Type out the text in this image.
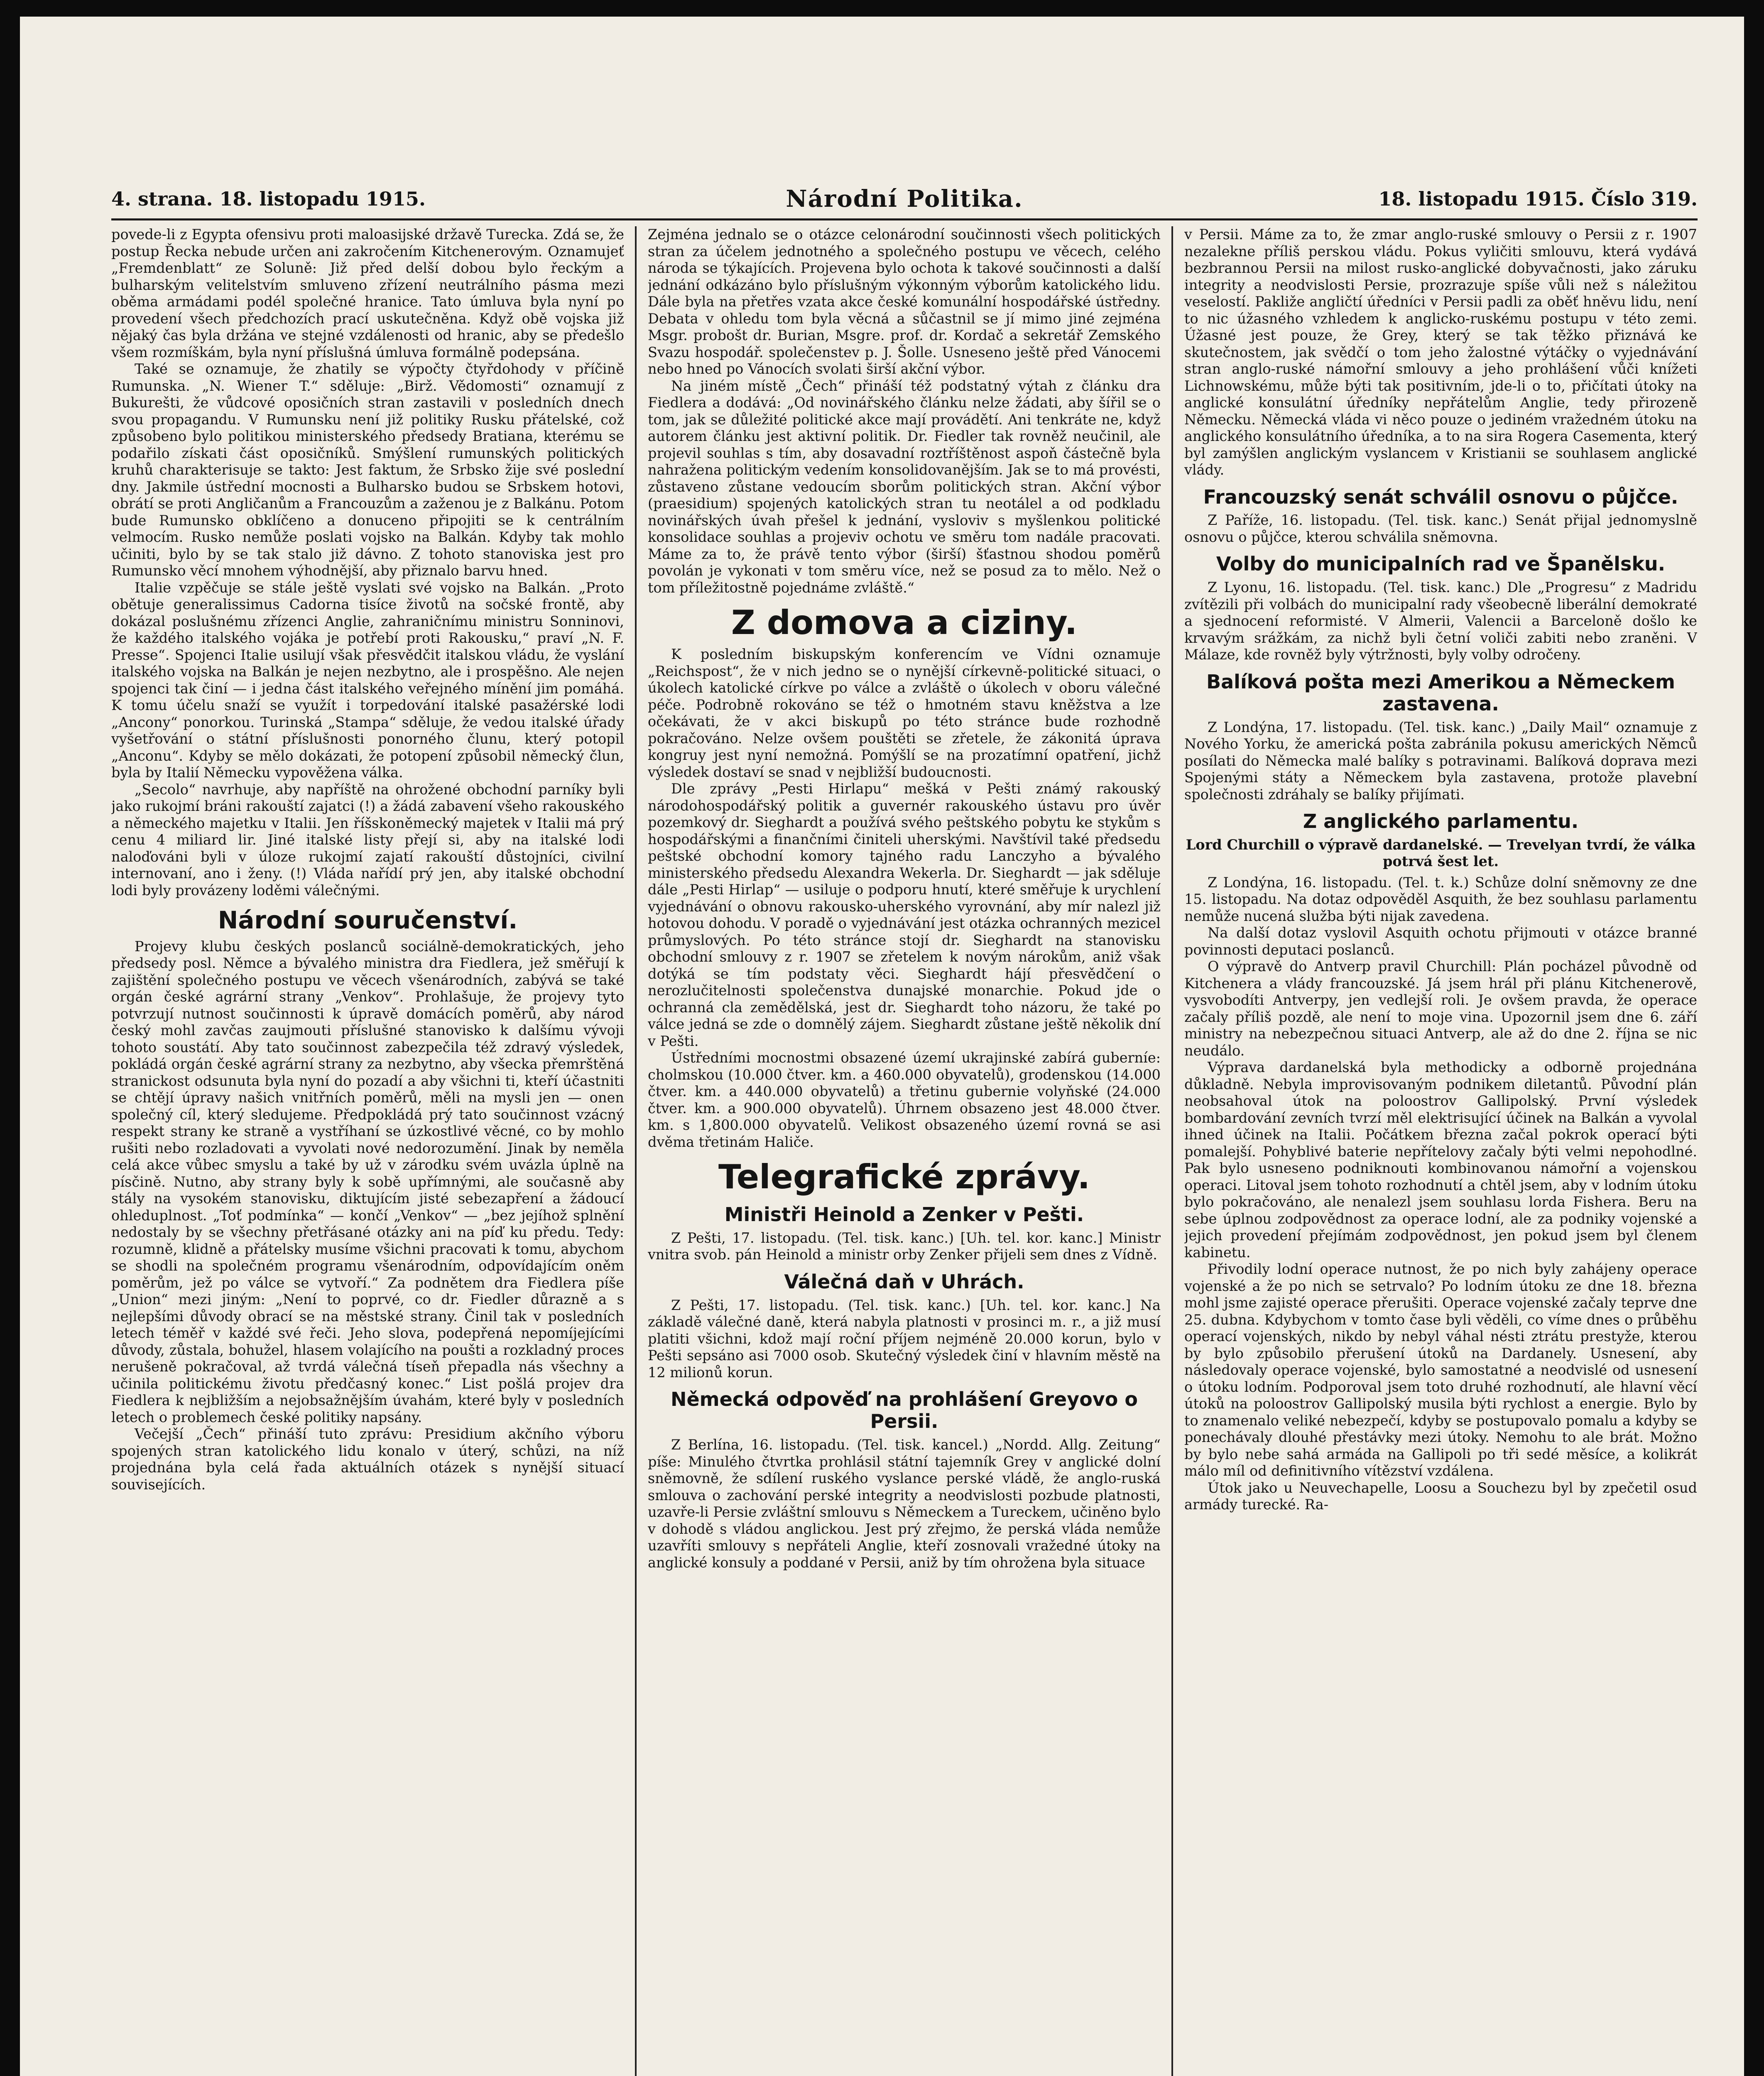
4. strana. 18. listopadu 1915.	Národní Politika.	18. listopadu 1915. Číslo 319.

povede-li z Egypta ofensivu proti maloasijské državě Turecka. Zdá se, že postup Řecka nebude určen ani zakročením Kitchenerovým. Oznamujeť „Fremdenblatt“ ze Soluně: Již před delší dobou bylo řeckým a bulharským velitelstvím smluveno zřízení neutrálního pásma mezi oběma armádami podél společné hranice. Tato úmluva byla nyní po provedení všech předchozích prací uskutečněna. Když obě vojska již nějaký čas byla držána ve stejné vzdálenosti od hranic, aby se předešlo všem rozmíškám, byla nyní příslušná úmluva formálně podepsána.

Také se oznamuje, že zhatily se výpočty čtyřdohody v příčině Rumunska. „N. Wiener T.“ sděluje: „Birž. Vědomosti“ oznamují z Bukurešti, že vůdcové oposičních stran zastavili v posledních dnech svou propagandu. V Rumunsku není již politiky Rusku přátelské, což způsobeno bylo politikou ministerského předsedy Bratiana, kterému se podařilo získati část oposičníků. Smýšlení rumunských politických kruhů charakterisuje se takto: Jest faktum, že Srbsko žije své poslední dny. Jakmile ústřední mocnosti a Bulharsko budou se Srbskem hotovi, obrátí se proti Angličanům a Francouzům a zaženou je z Balkánu. Potom bude Rumunsko obklíčeno a donuceno připojiti se k centrálním velmocím. Rusko nemůže poslati vojsko na Balkán. Kdyby tak mohlo učiniti, bylo by se tak stalo již dávno. Z tohoto stanoviska jest pro Rumunsko věcí mnohem výhodnější, aby přiznalo barvu hned.

Italie vzpěčuje se stále ještě vyslati své vojsko na Balkán. „Proto obětuje generalissimus Cadorna tisíce životů na sočské frontě, aby dokázal poslušnému zřízenci Anglie, zahraničnímu ministru Sonninovi, že každého italského vojáka je potřebí proti Rakousku,“ praví „N. F. Presse“. Spojenci Italie usilují však přesvědčit italskou vládu, že vyslání italského vojska na Balkán je nejen nezbytno, ale i prospěšno. Ale nejen spojenci tak činí — i jedna část italského veřejného mínění jim pomáhá. K tomu účelu snaží se využít i torpedování italské pasažérské lodi „Ancony“ ponorkou. Turinská „Stampa“ sděluje, že vedou italské úřady vyšetřování o státní příslušnosti ponorného člunu, který potopil „Anconu“. Kdyby se mělo dokázati, že potopení způsobil německý člun, byla by Italií Německu vypověžena válka.

„Secolo“ navrhuje, aby napříště na ohrožené obchodní parníky byli jako rukojmí bráni rakouští zajatci (!) a žádá zabavení všeho rakouského a německého majetku v Italii. Jen říšskoněmecký majetek v Italii má prý cenu 4 miliard lir. Jiné italské listy přejí si, aby na italské lodi naloďováni byli v úloze rukojmí zajatí rakouští důstojníci, civilní internovaní, ano i ženy. (!) Vláda nařídí prý jen, aby italské obchodní lodi byly provázeny loděmi válečnými.

Národní souručenství.

Projevy klubu českých poslanců sociálně-demokratických, jeho předsedy posl. Němce a bývalého ministra dra Fiedlera, jež směřují k zajištění společného postupu ve věcech všenárodních, zabývá se také orgán české agrární strany „Venkov“. Prohlašuje, že projevy tyto potvrzují nutnost součinnosti k úpravě domácích poměrů, aby národ český mohl zavčas zaujmouti příslušné stanovisko k dalšímu vývoji tohoto soustátí. Aby tato součinnost zabezpečila též zdravý výsledek, pokládá orgán české agrární strany za nezbytno, aby všecka přemrštěná stranickost odsunuta byla nyní do pozadí a aby všichni ti, kteří účastniti se chtějí úpravy našich vnitřních poměrů, měli na mysli jen — onen společný cíl, který sledujeme. Předpokládá prý tato součinnost vzácný respekt strany ke straně a vystříhaní se úzkostlivé věcné, co by mohlo rušiti nebo rozladovati a vyvolati nové nedorozumění. Jinak by neměla celá akce vůbec smyslu a také by už v zárodku svém uvázla úplně na písčině. Nutno, aby strany byly k sobě upřímnými, ale současně aby stály na vysokém stanovisku, diktujícím jisté sebezapření a žádoucí ohleduplnost. „Toť podmínka“ — končí „Venkov“ — „bez jejíhož splnění nedostaly by se všechny přetřásané otázky ani na píď ku předu. Tedy: rozumně, klidně a přátelsky musíme všichni pracovati k tomu, abychom se shodli na společném programu všenárodním, odpovídajícím oněm poměrům, jež po válce se vytvoří.“ Za podnětem dra Fiedlera píše „Union“ mezi jiným: „Není to poprvé, co dr. Fiedler důrazně a s nejlepšími důvody obrací se na městské strany. Činil tak v posledních letech téměř v každé své řeči. Jeho slova, podepřená nepomíjejícími důvody, zůstala, bohužel, hlasem volajícího na poušti a rozkladný proces nerušeně pokračoval, až tvrdá válečná tíseň přepadla nás všechny a učinila politickému životu předčasný konec.“ List pošlá projev dra Fiedlera k nejbližším a nejobsažnějším úvahám, které byly v posledních letech o problemech české politiky napsány.

Večejší „Čech“ přináší tuto zprávu: Presidium akčního výboru spojených stran katolického lidu konalo v úterý, schůzi, na níž projednána byla celá řada aktuálních otázek s nynější situací souvisejících.

Zejména jednalo se o otázce celonárodní součinnosti všech politických stran za účelem jednotného a společného postupu ve věcech, celého národa se týkajících. Projevena bylo ochota k takové součinnosti a další jednání odkázáno bylo příslušným výkonným výborům katolického lidu. Dále byla na přetřes vzata akce české komunální hospodářské ústředny. Debata v ohledu tom byla věcná a sůčastnil se jí mimo jiné zejména Msgr. probošt dr. Burian, Msgre. prof. dr. Kordač a sekretář Zemského Svazu hospodář. společenstev p. J. Šolle. Usneseno ještě před Vánocemi nebo hned po Vánocích svolati širší akční výbor.

Na jiném místě „Čech“ přináší též podstatný výtah z článku dra Fiedlera a dodává: „Od novinářského článku nelze žádati, aby šířil se o tom, jak se důležité politické akce mají provádětí. Ani tenkráte ne, když autorem článku jest aktivní politik. Dr. Fiedler tak rovněž neučinil, ale projevil souhlas s tím, aby dosavadní roztříštěnost aspoň částečně byla nahražena politickým vedením konsolidovanějším. Jak se to má provésti, zůstaveno zůstane vedoucím sborům politických stran. Akční výbor (praesidium) spojených katolických stran tu neotálel a od podkladu novinářských úvah přešel k jednání, vysloviv s myšlenkou politické konsolidace souhlas a projeviv ochotu ve směru tom nadále pracovati. Máme za to, že právě tento výbor (širší) šťastnou shodou poměrů povolán je vykonati v tom směru více, než se posud za to mělo. Než o tom příležitostně pojednáme zvláště.“

Z domova a ciziny.

K posledním biskupským konferencím ve Vídni oznamuje „Reichspost“, že v nich jedno se o nynější církevně-politické situaci, o úkolech katolické církve po válce a zvláště o úkolech v oboru válečné péče. Podrobně rokováno se též o hmotném stavu kněžstva a lze očekávati, že v akci biskupů po této stránce bude rozhodně pokračováno. Nelze ovšem pouštěti se zřetele, že zákonitá úprava kongruy jest nyní nemožná. Pomýšlí se na prozatímní opatření, jichž výsledek dostaví se snad v nejbližší budoucnosti.

Dle zprávy „Pesti Hirlapu“ mešká v Pešti známý rakouský národohospodářský politik a guvernér rakouského ústavu pro úvěr pozemkový dr. Sieghardt a používá svého peštského pobytu ke stykům s hospodářskými a finančními činiteli uherskými. Navštívil také předsedu peštské obchodní komory tajného radu Lanczyho a bývalého ministerského předsedu Alexandra Wekerla. Dr. Sieghardt — jak sděluje dále „Pesti Hirlap“ — usiluje o podporu hnutí, které směřuje k urychlení vyjednávání o obnovu rakousko-uherského vyrovnání, aby mír nalezl již hotovou dohodu. V poradě o vyjednávání jest otázka ochranných mezicel průmyslových. Po této stránce stojí dr. Sieghardt na stanovisku obchodní smlouvy z r. 1907 se zřetelem k novým nárokům, aniž však dotýká se tím podstaty věci. Sieghardt hájí přesvědčení o nerozlučitelnosti společenstva dunajské monarchie. Pokud jde o ochranná cla zemědělská, jest dr. Sieghardt toho názoru, že také po válce jedná se zde o domnělý zájem. Sieghardt zůstane ještě několik dní v Pešti.

Ústředními mocnostmi obsazené území ukrajinské zabírá guberníe: cholmskou (10.000 čtver. km. a 460.000 obyvatelů), grodenskou (14.000 čtver. km. a 440.000 obyvatelů) a třetinu gubernie volyňské (24.000 čtver. km. a 900.000 obyvatelů). Úhrnem obsazeno jest 48.000 čtver. km. s 1,800.000 obyvatelů. Velikost obsazeného území rovná se asi dvěma třetinám Haliče.

Telegrafické zprávy.
Ministři Heinold a Zenker v Pešti.

Z Pešti, 17. listopadu. (Tel. tisk. kanc.) [Uh. tel. kor. kanc.] Ministr vnitra svob. pán Heinold a ministr orby Zenker přijeli sem dnes z Vídně.

Válečná daň v Uhrách.

Z Pešti, 17. listopadu. (Tel. tisk. kanc.) [Uh. tel. kor. kanc.] Na základě válečné daně, která nabyla platnosti v prosinci m. r., a již musí platiti všichni, kdož mají roční příjem nejméně 20.000 korun, bylo v Pešti sepsáno asi 7000 osob. Skutečný výsledek činí v hlavním městě na 12 milionů korun.

Německá odpověď na prohlášení Greyovo o Persii.

Z Berlína, 16. listopadu. (Tel. tisk. kancel.) „Nordd. Allg. Zeitung“ píše: Minulého čtvrtka prohlásil státní tajemník Grey v anglické dolní sněmovně, že sdílení ruského vyslance perské vládě, že anglo-ruská smlouva o zachování perské integrity a neodvislosti pozbude platnosti, uzavře-li Persie zvláštní smlouvu s Německem a Tureckem, učiněno bylo v dohodě s vládou anglickou. Jest prý zřejmo, že perská vláda nemůže uzavříti smlouvy s nepřáteli Anglie, kteří zosnovali vražedné útoky na anglické konsuly a poddané v Persii, aniž by tím ohrožena byla situace

v Persii. Máme za to, že zmar anglo-ruské smlouvy o Persii z r. 1907 nezalekne příliš perskou vládu. Pokus vyličiti smlouvu, která vydává bezbrannou Persii na milost rusko-anglické dobyvačnosti, jako záruku integrity a neodvislosti Persie, prozrazuje spíše vůli než s náležitou veselostí. Pakliže angličtí úředníci v Persii padli za oběť hněvu lidu, není to nic úžasného vzhledem k anglicko-ruskému postupu v této zemi. Úžasné jest pouze, že Grey, který se tak těžko přiznává ke skutečnostem, jak svědčí o tom jeho žalostné výtáčky o vyjednávání stran anglo-ruské námořní smlouvy a jeho prohlášení vůči knížeti Lichnowskému, může býti tak positivním, jde-li o to, přičítati útoky na anglické konsulátní úředníky nepřátelům Anglie, tedy přirozeně Německu. Německá vláda vi něco pouze o jediném vražedném útoku na anglického konsulátního úředníka, a to na sira Rogera Casementa, který byl zamýšlen anglickým vyslancem v Kristianii se souhlasem anglické vlády.

Francouzský senát schválil osnovu o půjčce.

Z Paříže, 16. listopadu. (Tel. tisk. kanc.) Senát přijal jednomyslně osnovu o půjčce, kterou schválila sněmovna.

Volby do municipalních rad ve Španělsku.

Z Lyonu, 16. listopadu. (Tel. tisk. kanc.) Dle „Progresu“ z Madridu zvítězili při volbách do municipalní rady všeobecně liberální demokraté a sjednocení reformisté. V Almerii, Valencii a Barceloně došlo ke krvavým srážkám, za nichž byli četní voliči zabiti nebo zraněni. V Málaze, kde rovněž byly výtržnosti, byly volby odročeny.

Balíková pošta mezi Amerikou a Německem zastavena.

Z Londýna, 17. listopadu. (Tel. tisk. kanc.) „Daily Mail“ oznamuje z Nového Yorku, že americká pošta zabránila pokusu amerických Němců posílati do Německa malé balíky s potravinami. Balíková doprava mezi Spojenými státy a Německem byla zastavena, protože plavební společnosti zdráhaly se balíky přijímati.

Z anglického parlamentu.
Lord Churchill o výpravě dardanelské. — Trevelyan tvrdí, že válka potrvá šest let.

Z Londýna, 16. listopadu. (Tel. t. k.) Schůze dolní sněmovny ze dne 15. listopadu. Na dotaz odpověděl Asquith, že bez souhlasu parlamentu nemůže nucená služba býti nijak zavedena.

Na další dotaz vyslovil Asquith ochotu přijmouti v otázce branné povinnosti deputaci poslanců.

O výpravě do Antverp pravil Churchill: Plán pocházel původně od Kitchenera a vlády francouzské. Já jsem hrál při plánu Kitchenerově, vysvobodíti Antverpy, jen vedlejší roli. Je ovšem pravda, že operace začaly příliš pozdě, ale není to moje vina. Upozornil jsem dne 6. září ministry na nebezpečnou situaci Antverp, ale až do dne 2. října se nic neudálo.

Výprava dardanelská byla methodicky a odborně projednána důkladně. Nebyla improvisovaným podnikem diletantů. Původní plán neobsahoval útok na poloostrov Gallipolský. První výsledek bombardování zevních tvrzí měl elektrisující účinek na Balkán a vyvolal ihned účinek na Italii. Počátkem března začal pokrok operací býti pomalejší. Pohyblivé baterie nepřítelovy začaly býti velmi nepohodlné. Pak bylo usneseno podniknouti kombinovanou námořní a vojenskou operaci. Litoval jsem tohoto rozhodnutí a chtěl jsem, aby v lodním útoku bylo pokračováno, ale nenalezl jsem souhlasu lorda Fishera. Beru na sebe úplnou zodpovědnost za operace lodní, ale za podniky vojenské a jejich provedení přejímám zodpovědnost, jen pokud jsem byl členem kabinetu.

Přivodily lodní operace nutnost, že po nich byly zahájeny operace vojenské a že po nich se setrvalo? Po lodním útoku ze dne 18. března mohl jsme zajisté operace přerušiti. Operace vojenské začaly teprve dne 25. dubna. Kdybychom v tomto čase byli věděli, co víme dnes o průběhu operací vojenských, nikdo by nebyl váhal nésti ztrátu prestyže, kterou by bylo způsobilo přerušení útoků na Dardanely. Usnesení, aby následovaly operace vojenské, bylo samostatné a neodvislé od usnesení o útoku lodním. Podporoval jsem toto druhé rozhodnutí, ale hlavní věcí útoků na poloostrov Gallipolský musila býti rychlost a energie. Bylo by to znamenalo veliké nebezpečí, kdyby se postupovalo pomalu a kdyby se ponechávaly dlouhé přestávky mezi útoky. Nemohu to ale brát. Možno by bylo nebe sahá armáda na Gallipoli po tři sedé měsíce, a kolikrát málo míl od definitivního vítězství vzdálena.

Útok jako u Neuvechapelle, Loosu a Souchezu byl by zpečetil osud armády turecké. Ra-
